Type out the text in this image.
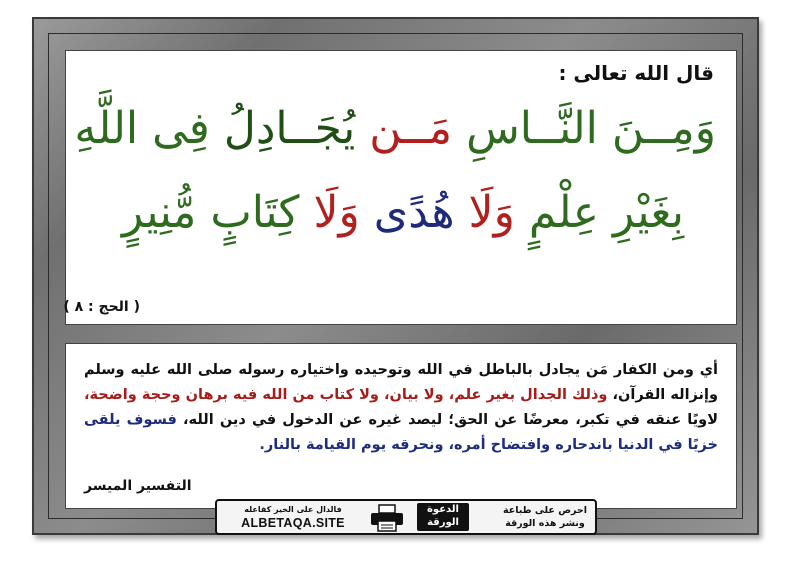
قال الله تعالى :
وَمِــنَ النَّــاسِ مَــن يُجَــادِلُ فِى اللَّهِ
بِغَيْرِ عِلْمٍ وَلَا هُدًى وَلَا كِتَابٍ مُّنِيرٍ
( الحج : ٨ )
أي ومن الكفار مَن يجادل بالباطل في الله وتوحيده واختياره رسوله صلى الله عليه وسلم وإنزاله القرآن، وذلك الجدال بغير علم، ولا بيان، ولا كتاب من الله فيه برهان وحجة واضحة، لاويًا عنقه في تكبر، معرضًا عن الحق؛ ليصد غيره عن الدخول في دين الله، فسوف يلقى خزيًا في الدنيا باندحاره وافتضاح أمره، ونحرقه يوم القيامة بالنار.
التفسير الميسر
احرص على طباعة
ونشر هذه الورقة
الدعوة
الورقة
فالدال على الخير كفاعله
ALBETAQA.SITE
